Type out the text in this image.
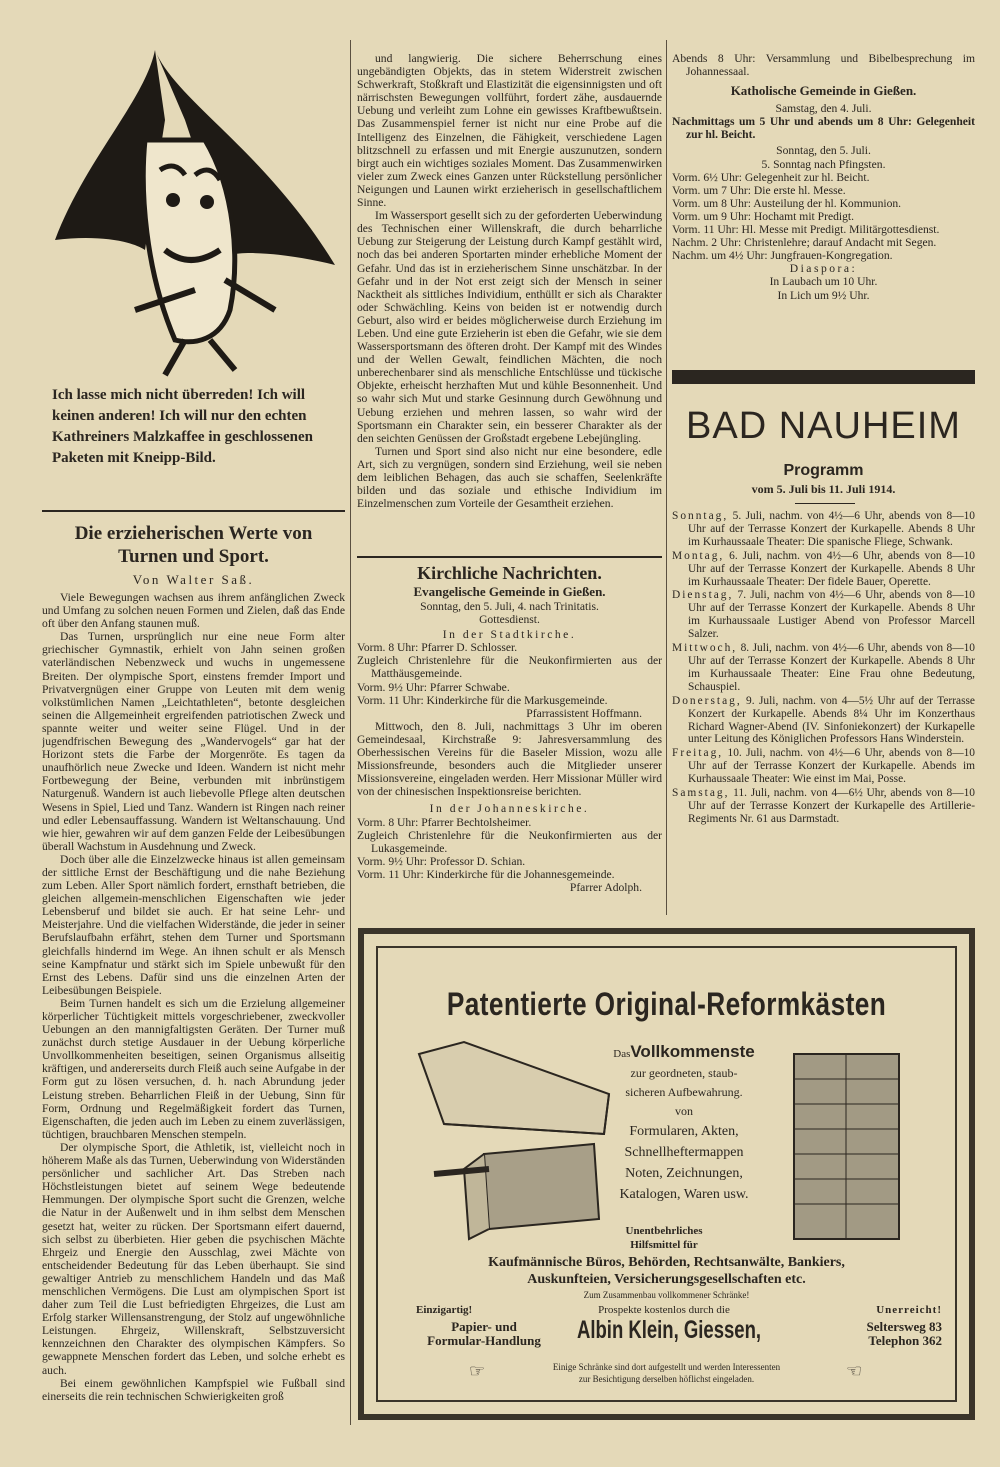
Ich lasse mich nicht überreden! Ich will keinen anderen! Ich will nur den echten Kathreiners Malzkaffee in geschlossenen Paketen mit Kneipp-Bild.

Die erzieherischen Werte von Turnen und Sport.
Von Walter Saß.

Viele Bewegungen wachsen aus ihrem anfänglichen Zweck und Umfang zu solchen neuen Formen und Zielen, daß das Ende oft über den Anfang staunen muß.

Das Turnen, ursprünglich nur eine neue Form alter griechischer Gymnastik, erhielt von Jahn seinen großen vaterländischen Nebenzweck und wuchs in ungemessene Breiten. Der olympische Sport, einstens fremder Import und Privatvergnügen einer Gruppe von Leuten mit dem wenig volkstümlichen Namen „Leichtathleten“, betonte desgleichen seinen die Allgemeinheit ergreifenden patriotischen Zweck und spannte weiter und weiter seine Flügel. Und in der jugendfrischen Bewegung des „Wandervogels“ gar hat der Horizont stets die Farbe der Morgenröte. Es tagen da unaufhörlich neue Zwecke und Ideen. Wandern ist nicht mehr Fortbewegung der Beine, verbunden mit inbrünstigem Naturgenuß. Wandern ist auch liebevolle Pflege alten deutschen Wesens in Spiel, Lied und Tanz. Wandern ist Ringen nach reiner und edler Lebensauffassung. Wandern ist Weltanschauung. Und wie hier, gewahren wir auf dem ganzen Felde der Leibesübungen überall Wachstum in Ausdehnung und Zweck.

Doch über alle die Einzelzwecke hinaus ist allen gemeinsam der sittliche Ernst der Beschäftigung und die nahe Beziehung zum Leben. Aller Sport nämlich fordert, ernsthaft betrieben, die gleichen allgemein-menschlichen Eigenschaften wie jeder Lebensberuf und bildet sie auch. Er hat seine Lehr- und Meisterjahre. Und die vielfachen Widerstände, die jeder in seiner Berufslaufbahn erfährt, stehen dem Turner und Sportsmann gleichfalls hindernd im Wege. An ihnen schult er als Mensch seine Kampfnatur und stärkt sich im Spiele unbewußt für den Ernst des Lebens. Dafür sind uns die einzelnen Arten der Leibesübungen Beispiele.

Beim Turnen handelt es sich um die Erzielung allgemeiner körperlicher Tüchtigkeit mittels vorgeschriebener, zweckvoller Uebungen an den mannigfaltigsten Geräten. Der Turner muß zunächst durch stetige Ausdauer in der Uebung körperliche Unvollkommenheiten beseitigen, seinen Organismus allseitig kräftigen, und andererseits durch Fleiß auch seine Aufgabe in der Form gut zu lösen versuchen, d. h. nach Abrundung jeder Leistung streben. Beharrlichen Fleiß in der Uebung, Sinn für Form, Ordnung und Regelmäßigkeit fordert das Turnen, Eigenschaften, die jeden auch im Leben zu einem zuverlässigen, tüchtigen, brauchbaren Menschen stempeln.

Der olympische Sport, die Athletik, ist, vielleicht noch in höherem Maße als das Turnen, Ueberwindung von Widerständen persönlicher und sachlicher Art. Das Streben nach Höchstleistungen bietet auf seinem Wege bedeutende Hemmungen. Der olympische Sport sucht die Grenzen, welche die Natur in der Außenwelt und in ihm selbst dem Menschen gesetzt hat, weiter zu rücken. Der Sportsmann eifert dauernd, sich selbst zu überbieten. Hier geben die psychischen Mächte Ehrgeiz und Energie den Ausschlag, zwei Mächte von entscheidender Bedeutung für das Leben überhaupt. Sie sind gewaltiger Antrieb zu menschlichem Handeln und das Maß menschlichen Vermögens. Die Lust am olympischen Sport ist daher zum Teil die Lust befriedigten Ehrgeizes, die Lust am Erfolg starker Willensanstrengung, der Stolz auf ungewöhnliche Leistungen. Ehrgeiz, Willenskraft, Selbstzuversicht kennzeichnen den Charakter des olympischen Kämpfers. So gewappnete Menschen fordert das Leben, und solche erhebt es auch.

Bei einem gewöhnlichen Kampfspiel wie Fußball sind einerseits die rein technischen Schwierigkeiten groß

und langwierig. Die sichere Beherrschung eines ungebändigten Objekts, das in stetem Widerstreit zwischen Schwerkraft, Stoßkraft und Elastizität die eigensinnigsten und oft närrischsten Bewegungen vollführt, fordert zähe, ausdauernde Uebung und verleiht zum Lohne ein gewisses Kraftbewußtsein. Das Zusammenspiel ferner ist nicht nur eine Probe auf die Intelligenz des Einzelnen, die Fähigkeit, verschiedene Lagen blitzschnell zu erfassen und mit Energie auszunutzen, sondern birgt auch ein wichtiges soziales Moment. Das Zusammenwirken vieler zum Zweck eines Ganzen unter Rückstellung persönlicher Neigungen und Launen wirkt erzieherisch in gesellschaftlichem Sinne.

Im Wassersport gesellt sich zu der geforderten Ueberwindung des Technischen einer Willenskraft, die durch beharrliche Uebung zur Steigerung der Leistung durch Kampf gestählt wird, noch das bei anderen Sportarten minder erhebliche Moment der Gefahr. Und das ist in erzieherischem Sinne unschätzbar. In der Gefahr und in der Not erst zeigt sich der Mensch in seiner Nacktheit als sittliches Individium, enthüllt er sich als Charakter oder Schwächling. Keins von beiden ist er notwendig durch Geburt, also wird er beides möglicherweise durch Erziehung im Leben. Und eine gute Erzieherin ist eben die Gefahr, wie sie dem Wassersportsmann des öfteren droht. Der Kampf mit des Windes und der Wellen Gewalt, feindlichen Mächten, die noch unberechenbarer sind als menschliche Entschlüsse und tückische Objekte, erheischt herzhaften Mut und kühle Besonnenheit. Und so wahr sich Mut und starke Gesinnung durch Gewöhnung und Uebung erziehen und mehren lassen, so wahr wird der Sportsmann ein Charakter sein, ein besserer Charakter als der den seichten Genüssen der Großstadt ergebene Lebejüngling.

Turnen und Sport sind also nicht nur eine besondere, edle Art, sich zu vergnügen, sondern sind Erziehung, weil sie neben dem leiblichen Behagen, das auch sie schaffen, Seelenkräfte bilden und das soziale und ethische Individium im Einzelmenschen zum Vorteile der Gesamtheit erziehen.

Kirchliche Nachrichten.
Evangelische Gemeinde in Gießen.

Sonntag, den 5. Juli, 4. nach Trinitatis.

Gottesdienst.

In der Stadtkirche.

Vorm. 8 Uhr: Pfarrer D. Schlosser.

Zugleich Christenlehre für die Neukonfirmierten aus der Matthäusgemeinde.

Vorm. 9½ Uhr: Pfarrer Schwabe.

Vorm. 11 Uhr: Kinderkirche für die Markusgemeinde.

Pfarrassistent Hoffmann.

Mittwoch, den 8. Juli, nachmittags 3 Uhr im oberen Gemeindesaal, Kirchstraße 9: Jahresversammlung des Oberhessischen Vereins für die Baseler Mission, wozu alle Missionsfreunde, besonders auch die Mitglieder unserer Missionsvereine, eingeladen werden. Herr Missionar Müller wird von der chinesischen Inspektionsreise berichten.

In der Johanneskirche.

Vorm. 8 Uhr: Pfarrer Bechtolsheimer.

Zugleich Christenlehre für die Neukonfirmierten aus der Lukasgemeinde.

Vorm. 9½ Uhr: Professor D. Schian.

Vorm. 11 Uhr: Kinderkirche für die Johannesgemeinde.

Pfarrer Adolph.

Abends 8 Uhr: Versammlung und Bibelbesprechung im Johannessaal.

Katholische Gemeinde in Gießen.

Samstag, den 4. Juli.

Nachmittags um 5 Uhr und abends um 8 Uhr: Gelegenheit zur hl. Beicht.

Sonntag, den 5. Juli.

5. Sonntag nach Pfingsten.

Vorm. 6½ Uhr: Gelegenheit zur hl. Beicht.

Vorm. um 7 Uhr: Die erste hl. Messe.

Vorm. um 8 Uhr: Austeilung der hl. Kommunion.

Vorm. um 9 Uhr: Hochamt mit Predigt.

Vorm. 11 Uhr: Hl. Messe mit Predigt. Militärgottesdienst.

Nachm. 2 Uhr: Christenlehre; darauf Andacht mit Segen.

Nachm. um 4½ Uhr: Jungfrauen-Kongregation.

Diaspora:

In Laubach um 10 Uhr.

In Lich um 9½ Uhr.

BAD NAUHEIM
Programm
vom 5. Juli bis 11. Juli 1914.

Sonntag, 5. Juli, nachm. von 4½—6 Uhr, abends von 8—10 Uhr auf der Terrasse Konzert der Kurkapelle. Abends 8 Uhr im Kurhaussaale Theater: Die spanische Fliege, Schwank.

Montag, 6. Juli, nachm. von 4½—6 Uhr, abends von 8—10 Uhr auf der Terrasse Konzert der Kurkapelle. Abends 8 Uhr im Kurhaussaale Theater: Der fidele Bauer, Operette.

Dienstag, 7. Juli, nachm von 4½—6 Uhr, abends von 8—10 Uhr auf der Terrasse Konzert der Kurkapelle. Abends 8 Uhr im Kurhaussaale Lustiger Abend von Professor Marcell Salzer.

Mittwoch, 8. Juli, nachm. von 4½—6 Uhr, abends von 8—10 Uhr auf der Terrasse Konzert der Kurkapelle. Abends 8 Uhr im Kurhaussaale Theater: Eine Frau ohne Bedeutung, Schauspiel.

Donerstag, 9. Juli, nachm. von 4—5½ Uhr auf der Terrasse Konzert der Kurkapelle. Abends 8¼ Uhr im Konzerthaus Richard Wagner-Abend (IV. Sinfoniekonzert) der Kurkapelle unter Leitung des Königlichen Professors Hans Winderstein.

Freitag, 10. Juli, nachm. von 4½—6 Uhr, abends von 8—10 Uhr auf der Terrasse Konzert der Kurkapelle. Abends im Kurhaussaale Theater: Wie einst im Mai, Posse.

Samstag, 11. Juli, nachm. von 4—6½ Uhr, abends von 8—10 Uhr auf der Terrasse Konzert der Kurkapelle des Artillerie-Regiments Nr. 61 aus Darmstadt.

Patentierte Original-Reformkästen
DasVollkommenste
zur geordneten, staub-
sicheren Aufbewahrung.
von
Formularen, Akten,
Schnellheftermappen
Noten, Zeichnungen,
Katalogen, Waren usw.
Unentbehrliches
Hilfsmittel für
Kaufmännische Büros, Behörden, Rechtsanwälte, Bankiers,
Auskunfteien, Versicherungsgesellschaften etc.
Zum Zusammenbau vollkommener Schränke!
Einzigartig!	Prospekte kostenlos durch die	Unerreicht!
Papier- und
Formular-Handlung	Albin Klein, Giessen,	Seltersweg 83
Telephon 362
☞	☜
Einige Schränke sind dort aufgestellt und werden Interessenten
zur Besichtigung derselben höflichst eingeladen.
